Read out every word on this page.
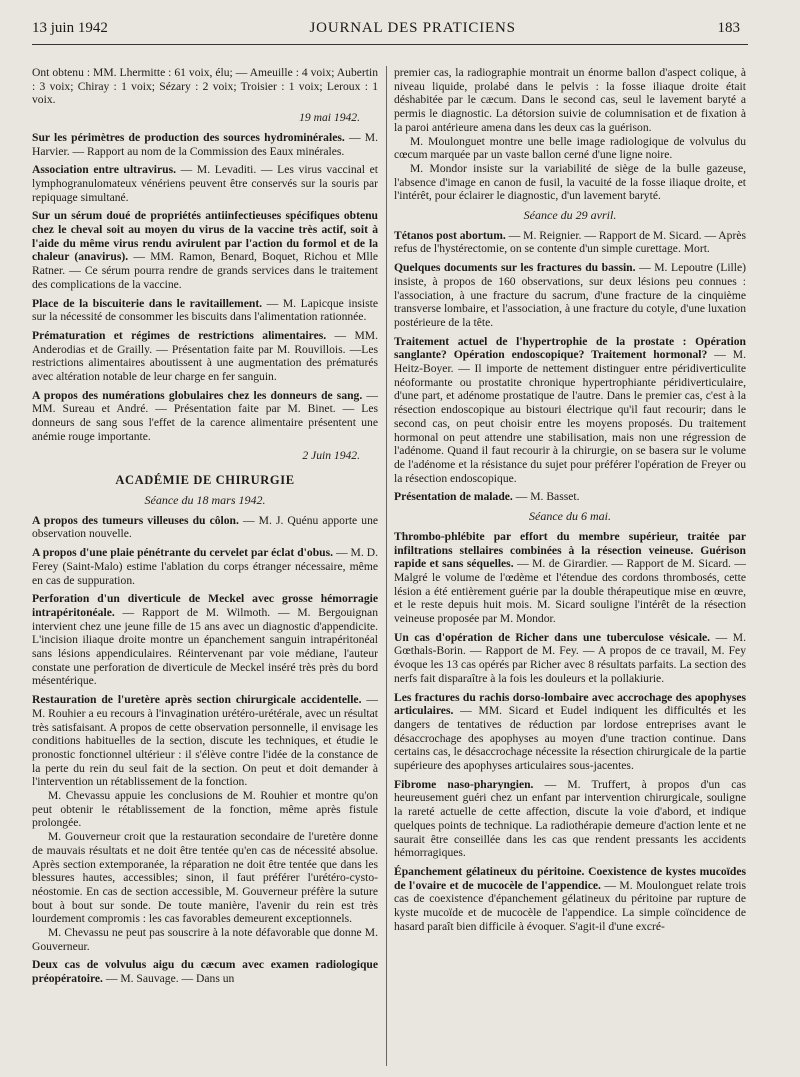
13 juin 1942	JOURNAL DES PRATICIENS	183

Ont obtenu : MM. Lhermitte : 61 voix, élu; — Ameuille : 4 voix; Aubertin : 3 voix; Chiray : 1 voix; Sézary : 2 voix; Troisier : 1 voix; Leroux : 1 voix.

19 mai 1942.

Sur les périmètres de production des sources hydrominérales. — M. Harvier. — Rapport au nom de la Commission des Eaux minérales.

Association entre ultravirus. — M. Levaditi. — Les virus vaccinal et lymphogranulomateux vénériens peuvent être conservés sur la souris par repiquage simultané.

Sur un sérum doué de propriétés antiinfectieuses spécifiques obtenu chez le cheval soit au moyen du virus de la vaccine très actif, soit à l'aide du même virus rendu avirulent par l'action du formol et de la chaleur (anavirus). — MM. Ramon, Benard, Boquet, Richou et Mlle Ratner. — Ce sérum pourra rendre de grands services dans le traitement des complications de la vaccine.

Place de la biscuiterie dans le ravitaillement. — M. Lapicque insiste sur la nécessité de consommer les biscuits dans l'alimentation rationnée.

Prématuration et régimes de restrictions alimentaires. — MM. Anderodias et de Grailly. — Présentation faite par M. Rouvillois. —Les restrictions alimentaires aboutissent à une augmentation des prématurés avec altération notable de leur charge en fer sanguin.

A propos des numérations globulaires chez les donneurs de sang. — MM. Sureau et André. — Présentation faite par M. Binet. — Les donneurs de sang sous l'effet de la carence alimentaire présentent une anémie rouge importante.

2 Juin 1942.
ACADÉMIE DE CHIRURGIE
Séance du 18 mars 1942.

A propos des tumeurs villeuses du côlon. — M. J. Quénu apporte une observation nouvelle.

A propos d'une plaie pénétrante du cervelet par éclat d'obus. — M. D. Ferey (Saint-Malo) estime l'ablation du corps étranger nécessaire, même en cas de suppuration.

Perforation d'un diverticule de Meckel avec grosse hémorragie intrapéritonéale. — Rapport de M. Wilmoth. — M. Bergouignan intervient chez une jeune fille de 15 ans avec un diagnostic d'appendicite. L'incision iliaque droite montre un épanchement sanguin intrapéritonéal sans lésions appendiculaires. Réintervenant par voie médiane, l'auteur constate une perforation de diverticule de Meckel inséré très près du bord mésentérique.

Restauration de l'uretère après section chirurgicale accidentelle. — M. Rouhier a eu recours à l'invagination urétéro-urétérale, avec un résultat très satisfaisant. A propos de cette observation personnelle, il envisage les conditions habituelles de la section, discute les techniques, et étudie le pronostic fonctionnel ultérieur : il s'élève contre l'idée de la constance de la perte du rein du seul fait de la section. On peut et doit demander à l'intervention un rétablissement de la fonction.

M. Chevassu appuie les conclusions de M. Rouhier et montre qu'on peut obtenir le rétablissement de la fonction, même après fistule prolongée.

M. Gouverneur croit que la restauration secondaire de l'uretère donne de mauvais résultats et ne doit être tentée qu'en cas de nécessité absolue. Après section extemporanée, la réparation ne doit être tentée que dans les blessures hautes, accessibles; sinon, il faut préférer l'urétéro-cysto-néostomie. En cas de section accessible, M. Gouverneur préfère la suture bout à bout sur sonde. De toute manière, l'avenir du rein est très lourdement compromis : les cas favorables demeurent exceptionnels.

M. Chevassu ne peut pas souscrire à la note défavorable que donne M. Gouverneur.

Deux cas de volvulus aigu du cæcum avec examen radiologique préopératoire. — M. Sauvage. — Dans un

premier cas, la radiographie montrait un énorme ballon d'aspect colique, à niveau liquide, prolabé dans le pelvis : la fosse iliaque droite était déshabitée par le cæcum. Dans le second cas, seul le lavement baryté a permis le diagnostic. La détorsion suivie de columnisation et de fixation à la paroi antérieure amena dans les deux cas la guérison.

M. Moulonguet montre une belle image radiologique de volvulus du cœcum marquée par un vaste ballon cerné d'une ligne noire.

M. Mondor insiste sur la variabilité de siège de la bulle gazeuse, l'absence d'image en canon de fusil, la vacuité de la fosse iliaque droite, et l'intérêt, pour éclairer le diagnostic, d'un lavement baryté.

Séance du 29 avril.

Tétanos post abortum. — M. Reignier. — Rapport de M. Sicard. — Après refus de l'hystérectomie, on se contente d'un simple curettage. Mort.

Quelques documents sur les fractures du bassin. — M. Lepoutre (Lille) insiste, à propos de 160 observations, sur deux lésions peu connues : l'association, à une fracture du sacrum, d'une fracture de la cinquième transverse lombaire, et l'association, à une fracture du cotyle, d'une luxation postérieure de la tête.

Traitement actuel de l'hypertrophie de la prostate : Opération sanglante? Opération endoscopique? Traitement hormonal? — M. Heitz-Boyer. — Il importe de nettement distinguer entre péridiverticulite néoformante ou prostatite chronique hypertrophiante péridiverticulaire, d'une part, et adénome prostatique de l'autre. Dans le premier cas, c'est à la résection endoscopique au bistouri électrique qu'il faut recourir; dans le second cas, on peut choisir entre les moyens proposés. Du traitement hormonal on peut attendre une stabilisation, mais non une régression de l'adénome. Quand il faut recourir à la chirurgie, on se basera sur le volume de l'adénome et la résistance du sujet pour préférer l'opération de Freyer ou la résection endoscopique.

Présentation de malade. — M. Basset.

Séance du 6 mai.

Thrombo-phlébite par effort du membre supérieur, traitée par infiltrations stellaires combinées à la résection veineuse. Guérison rapide et sans séquelles. — M. de Girardier. — Rapport de M. Sicard. — Malgré le volume de l'œdème et l'étendue des cordons thrombosés, cette lésion a été entièrement guérie par la double thérapeutique mise en œuvre, et le reste depuis huit mois. M. Sicard souligne l'intérêt de la résection veineuse proposée par M. Mondor.

Un cas d'opération de Richer dans une tuberculose vésicale. — M. Gœthals-Borin. — Rapport de M. Fey. — A propos de ce travail, M. Fey évoque les 13 cas opérés par Richer avec 8 résultats parfaits. La section des nerfs fait disparaître à la fois les douleurs et la pollakiurie.

Les fractures du rachis dorso-lombaire avec accrochage des apophyses articulaires. — MM. Sicard et Eudel indiquent les difficultés et les dangers de tentatives de réduction par lordose entreprises avant le désaccrochage des apophyses au moyen d'une traction continue. Dans certains cas, le désaccrochage nécessite la résection chirurgicale de la partie supérieure des apophyses articulaires sous-jacentes.

Fibrome naso-pharyngien. — M. Truffert, à propos d'un cas heureusement guéri chez un enfant par intervention chirurgicale, souligne la rareté actuelle de cette affection, discute la voie d'abord, et indique quelques points de technique. La radiothérapie demeure d'action lente et ne saurait être conseillée dans les cas que rendent pressants les accidents hémorragiques.

Épanchement gélatineux du péritoine. Coexistence de kystes mucoïdes de l'ovaire et de mucocèle de l'appendice. — M. Moulonguet relate trois cas de coexistence d'épanchement gélatineux du péritoine par rupture de kyste mucoïde et de mucocèle de l'appendice. La simple coïncidence de hasard paraît bien difficile à évoquer. S'agit-il d'une excré-
